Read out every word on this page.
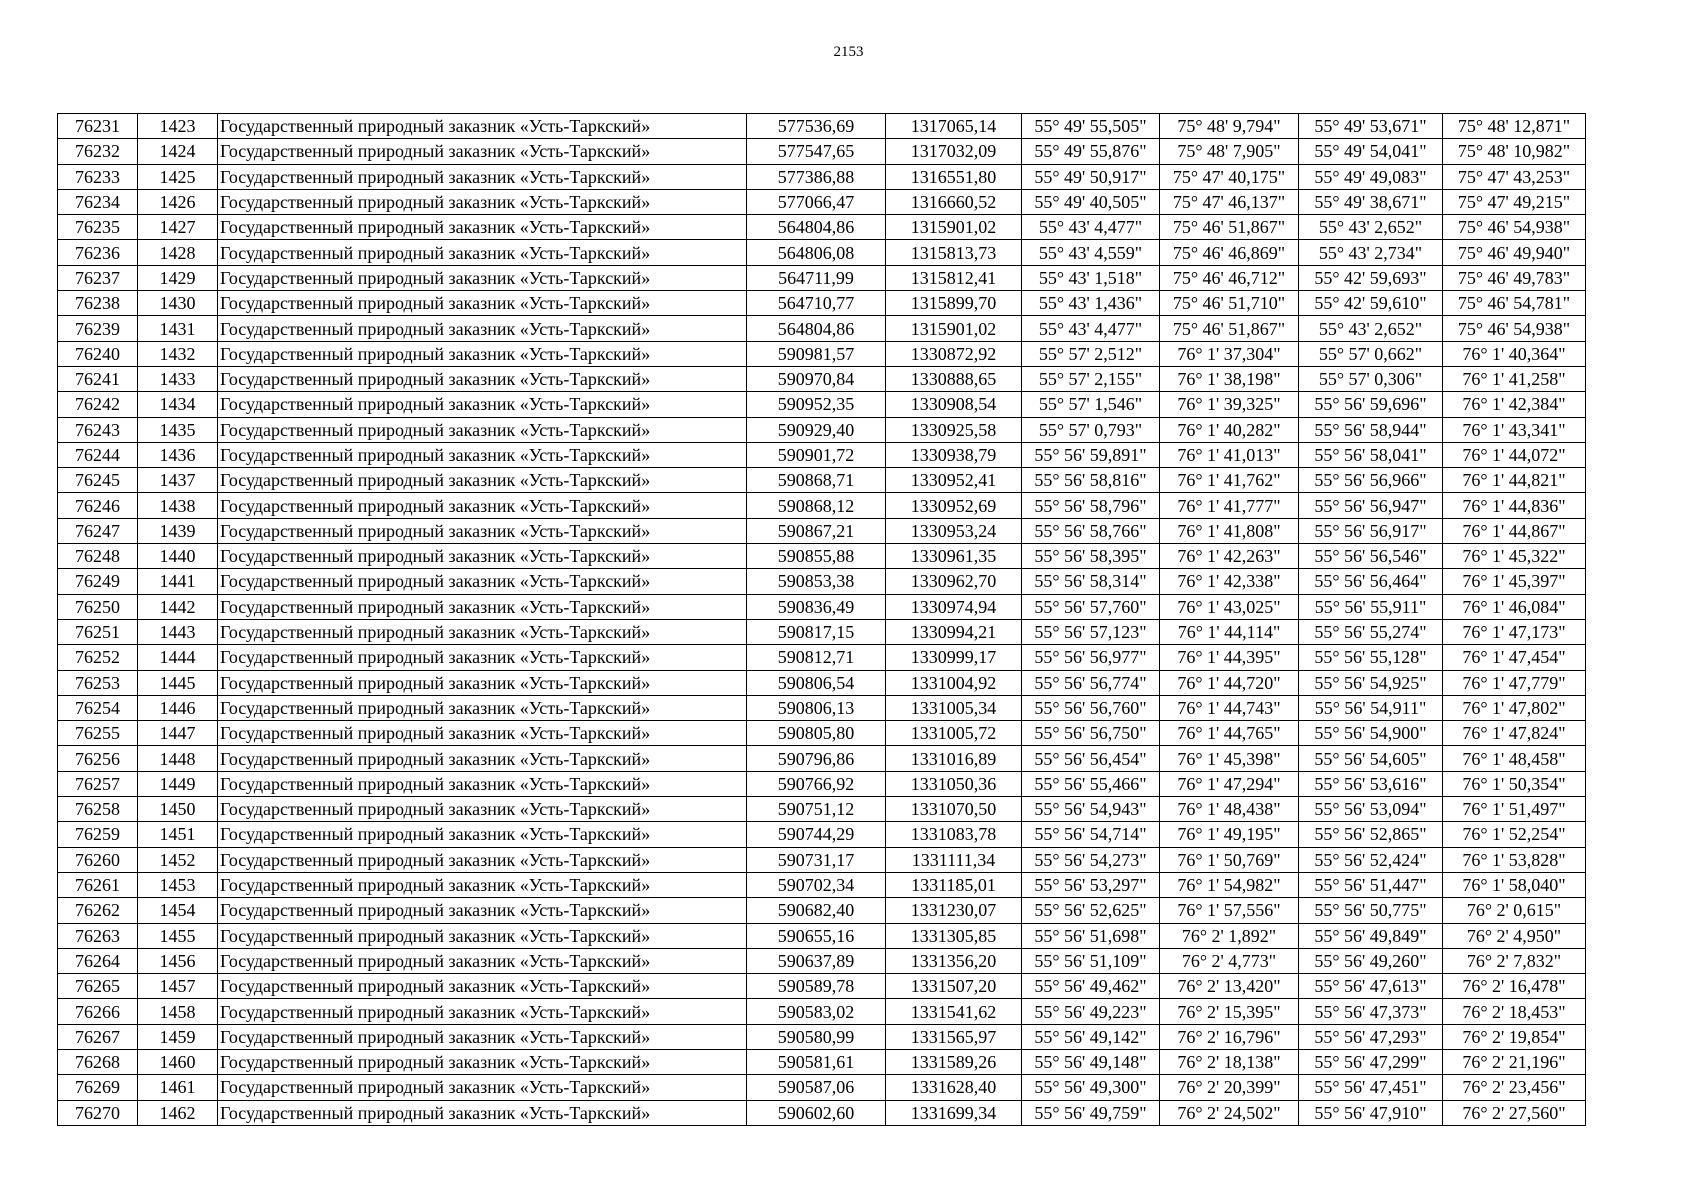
2153
76231	1423	Государственный природный заказник «Усть-Таркский»	577536,69	1317065,14	55° 49' 55,505"	75° 48' 9,794"	55° 49' 53,671"	75° 48' 12,871"
76232	1424	Государственный природный заказник «Усть-Таркский»	577547,65	1317032,09	55° 49' 55,876"	75° 48' 7,905"	55° 49' 54,041"	75° 48' 10,982"
76233	1425	Государственный природный заказник «Усть-Таркский»	577386,88	1316551,80	55° 49' 50,917"	75° 47' 40,175"	55° 49' 49,083"	75° 47' 43,253"
76234	1426	Государственный природный заказник «Усть-Таркский»	577066,47	1316660,52	55° 49' 40,505"	75° 47' 46,137"	55° 49' 38,671"	75° 47' 49,215"
76235	1427	Государственный природный заказник «Усть-Таркский»	564804,86	1315901,02	55° 43' 4,477"	75° 46' 51,867"	55° 43' 2,652"	75° 46' 54,938"
76236	1428	Государственный природный заказник «Усть-Таркский»	564806,08	1315813,73	55° 43' 4,559"	75° 46' 46,869"	55° 43' 2,734"	75° 46' 49,940"
76237	1429	Государственный природный заказник «Усть-Таркский»	564711,99	1315812,41	55° 43' 1,518"	75° 46' 46,712"	55° 42' 59,693"	75° 46' 49,783"
76238	1430	Государственный природный заказник «Усть-Таркский»	564710,77	1315899,70	55° 43' 1,436"	75° 46' 51,710"	55° 42' 59,610"	75° 46' 54,781"
76239	1431	Государственный природный заказник «Усть-Таркский»	564804,86	1315901,02	55° 43' 4,477"	75° 46' 51,867"	55° 43' 2,652"	75° 46' 54,938"
76240	1432	Государственный природный заказник «Усть-Таркский»	590981,57	1330872,92	55° 57' 2,512"	76° 1' 37,304"	55° 57' 0,662"	76° 1' 40,364"
76241	1433	Государственный природный заказник «Усть-Таркский»	590970,84	1330888,65	55° 57' 2,155"	76° 1' 38,198"	55° 57' 0,306"	76° 1' 41,258"
76242	1434	Государственный природный заказник «Усть-Таркский»	590952,35	1330908,54	55° 57' 1,546"	76° 1' 39,325"	55° 56' 59,696"	76° 1' 42,384"
76243	1435	Государственный природный заказник «Усть-Таркский»	590929,40	1330925,58	55° 57' 0,793"	76° 1' 40,282"	55° 56' 58,944"	76° 1' 43,341"
76244	1436	Государственный природный заказник «Усть-Таркский»	590901,72	1330938,79	55° 56' 59,891"	76° 1' 41,013"	55° 56' 58,041"	76° 1' 44,072"
76245	1437	Государственный природный заказник «Усть-Таркский»	590868,71	1330952,41	55° 56' 58,816"	76° 1' 41,762"	55° 56' 56,966"	76° 1' 44,821"
76246	1438	Государственный природный заказник «Усть-Таркский»	590868,12	1330952,69	55° 56' 58,796"	76° 1' 41,777"	55° 56' 56,947"	76° 1' 44,836"
76247	1439	Государственный природный заказник «Усть-Таркский»	590867,21	1330953,24	55° 56' 58,766"	76° 1' 41,808"	55° 56' 56,917"	76° 1' 44,867"
76248	1440	Государственный природный заказник «Усть-Таркский»	590855,88	1330961,35	55° 56' 58,395"	76° 1' 42,263"	55° 56' 56,546"	76° 1' 45,322"
76249	1441	Государственный природный заказник «Усть-Таркский»	590853,38	1330962,70	55° 56' 58,314"	76° 1' 42,338"	55° 56' 56,464"	76° 1' 45,397"
76250	1442	Государственный природный заказник «Усть-Таркский»	590836,49	1330974,94	55° 56' 57,760"	76° 1' 43,025"	55° 56' 55,911"	76° 1' 46,084"
76251	1443	Государственный природный заказник «Усть-Таркский»	590817,15	1330994,21	55° 56' 57,123"	76° 1' 44,114"	55° 56' 55,274"	76° 1' 47,173"
76252	1444	Государственный природный заказник «Усть-Таркский»	590812,71	1330999,17	55° 56' 56,977"	76° 1' 44,395"	55° 56' 55,128"	76° 1' 47,454"
76253	1445	Государственный природный заказник «Усть-Таркский»	590806,54	1331004,92	55° 56' 56,774"	76° 1' 44,720"	55° 56' 54,925"	76° 1' 47,779"
76254	1446	Государственный природный заказник «Усть-Таркский»	590806,13	1331005,34	55° 56' 56,760"	76° 1' 44,743"	55° 56' 54,911"	76° 1' 47,802"
76255	1447	Государственный природный заказник «Усть-Таркский»	590805,80	1331005,72	55° 56' 56,750"	76° 1' 44,765"	55° 56' 54,900"	76° 1' 47,824"
76256	1448	Государственный природный заказник «Усть-Таркский»	590796,86	1331016,89	55° 56' 56,454"	76° 1' 45,398"	55° 56' 54,605"	76° 1' 48,458"
76257	1449	Государственный природный заказник «Усть-Таркский»	590766,92	1331050,36	55° 56' 55,466"	76° 1' 47,294"	55° 56' 53,616"	76° 1' 50,354"
76258	1450	Государственный природный заказник «Усть-Таркский»	590751,12	1331070,50	55° 56' 54,943"	76° 1' 48,438"	55° 56' 53,094"	76° 1' 51,497"
76259	1451	Государственный природный заказник «Усть-Таркский»	590744,29	1331083,78	55° 56' 54,714"	76° 1' 49,195"	55° 56' 52,865"	76° 1' 52,254"
76260	1452	Государственный природный заказник «Усть-Таркский»	590731,17	1331111,34	55° 56' 54,273"	76° 1' 50,769"	55° 56' 52,424"	76° 1' 53,828"
76261	1453	Государственный природный заказник «Усть-Таркский»	590702,34	1331185,01	55° 56' 53,297"	76° 1' 54,982"	55° 56' 51,447"	76° 1' 58,040"
76262	1454	Государственный природный заказник «Усть-Таркский»	590682,40	1331230,07	55° 56' 52,625"	76° 1' 57,556"	55° 56' 50,775"	76° 2' 0,615"
76263	1455	Государственный природный заказник «Усть-Таркский»	590655,16	1331305,85	55° 56' 51,698"	76° 2' 1,892"	55° 56' 49,849"	76° 2' 4,950"
76264	1456	Государственный природный заказник «Усть-Таркский»	590637,89	1331356,20	55° 56' 51,109"	76° 2' 4,773"	55° 56' 49,260"	76° 2' 7,832"
76265	1457	Государственный природный заказник «Усть-Таркский»	590589,78	1331507,20	55° 56' 49,462"	76° 2' 13,420"	55° 56' 47,613"	76° 2' 16,478"
76266	1458	Государственный природный заказник «Усть-Таркский»	590583,02	1331541,62	55° 56' 49,223"	76° 2' 15,395"	55° 56' 47,373"	76° 2' 18,453"
76267	1459	Государственный природный заказник «Усть-Таркский»	590580,99	1331565,97	55° 56' 49,142"	76° 2' 16,796"	55° 56' 47,293"	76° 2' 19,854"
76268	1460	Государственный природный заказник «Усть-Таркский»	590581,61	1331589,26	55° 56' 49,148"	76° 2' 18,138"	55° 56' 47,299"	76° 2' 21,196"
76269	1461	Государственный природный заказник «Усть-Таркский»	590587,06	1331628,40	55° 56' 49,300"	76° 2' 20,399"	55° 56' 47,451"	76° 2' 23,456"
76270	1462	Государственный природный заказник «Усть-Таркский»	590602,60	1331699,34	55° 56' 49,759"	76° 2' 24,502"	55° 56' 47,910"	76° 2' 27,560"
